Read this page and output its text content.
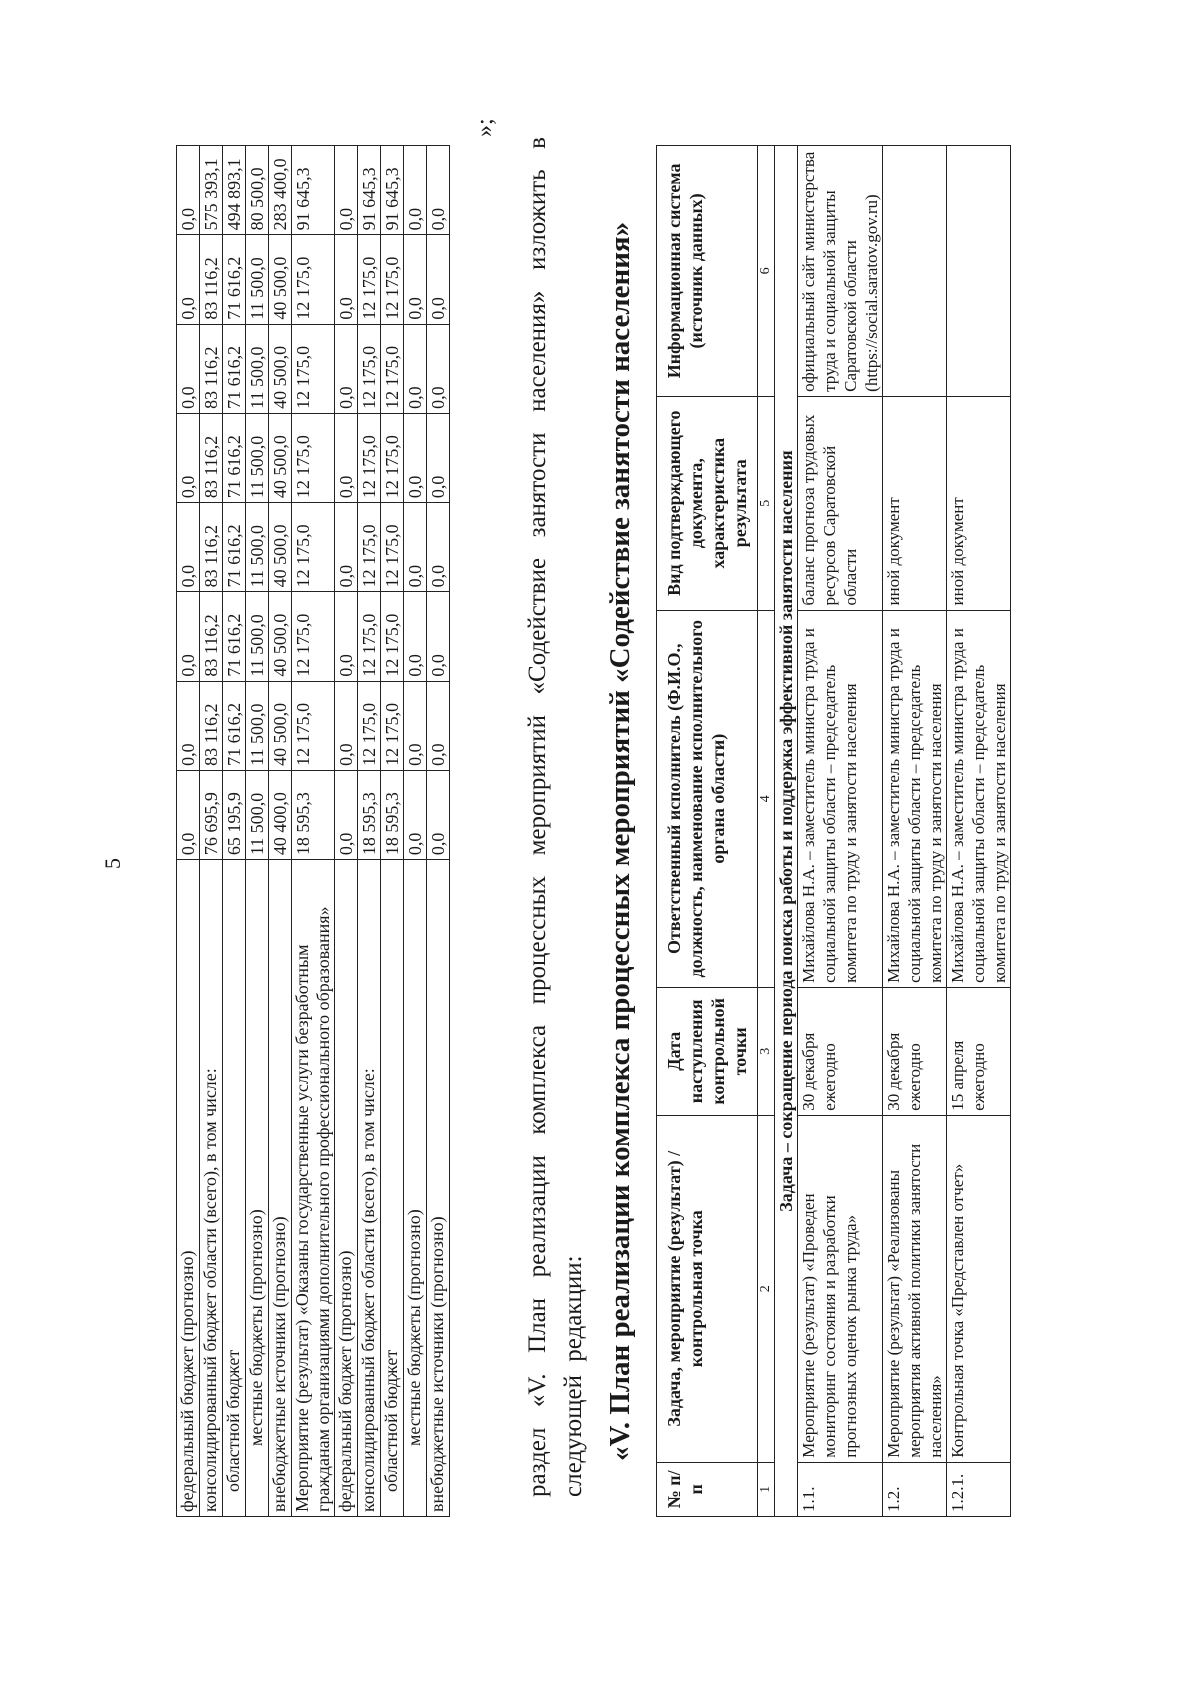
5
федеральный бюджет (прогнозно)	0,0	0,0	0,0	0,0	0,0	0,0	0,0	0,0
консолидированный бюджет области (всего), в том числе:	76 695,9	83 116,2	83 116,2	83 116,2	83 116,2	83 116,2	83 116,2	575 393,1
областной бюджет	65 195,9	71 616,2	71 616,2	71 616,2	71 616,2	71 616,2	71 616,2	494 893,1
местные бюджеты (прогнозно)	11 500,0	11 500,0	11 500,0	11 500,0	11 500,0	11 500,0	11 500,0	80 500,0
внебюджетные источники (прогнозно)	40 400,0	40 500,0	40 500,0	40 500,0	40 500,0	40 500,0	40 500,0	283 400,0
Мероприятие (результат) «Оказаны государственные услуги безработным гражданам организациями дополнительного профессионального образования»	18 595,3	12 175,0	12 175,0	12 175,0	12 175,0	12 175,0	12 175,0	91 645,3
федеральный бюджет (прогнозно)	0,0	0,0	0,0	0,0	0,0	0,0	0,0	0,0
консолидированный бюджет области (всего), в том числе:	18 595,3	12 175,0	12 175,0	12 175,0	12 175,0	12 175,0	12 175,0	91 645,3
областной бюджет	18 595,3	12 175,0	12 175,0	12 175,0	12 175,0	12 175,0	12 175,0	91 645,3
местные бюджеты (прогнозно)	0,0	0,0	0,0	0,0	0,0	0,0	0,0	0,0
внебюджетные источники (прогнозно)	0,0	0,0	0,0	0,0	0,0	0,0	0,0	0,0
»;
раздел «V. План реализации комплекса процессных мероприятий «Содействие занятости населения» изложить в следующей редакции: «V. План реализации комплекса процессных мероприятий «Содействие занятости населения»
№ п/п	Задача, мероприятие (результат) / контрольная точка	Дата наступления контрольной точки	Ответственный исполнитель (Ф.И.О., должность, наименование исполнительного органа области)	Вид подтверждающего документа, характеристика результата	Информационная система (источник данных)
1	2	3	4	5	6
Задача – сокращение периода поиска работы и поддержка эффективной занятости населения					
1.1.	Мероприятие (результат) «Проведен мониторинг состояния и разработки прогнозных оценок рынка труда»	30 декабря ежегодно	Михайлова Н.А. – заместитель министра труда и социальной защиты области – председатель комитета по труду и занятости населения	баланс прогноза трудовых ресурсов Саратовской области	официальный сайт министерства труда и социальной защиты Саратовской области (https://social.saratov.gov.ru)
1.2.	Мероприятие (результат) «Реализованы мероприятия активной политики занятости населения»	30 декабря ежегодно	Михайлова Н.А. – заместитель министра труда и социальной защиты области – председатель комитета по труду и занятости населения	иной документ	
1.2.1.	Контрольная точка «Представлен отчет»	15 апреля ежегодно	Михайлова Н.А. – заместитель министра труда и социальной защиты области – председатель комитета по труду и занятости населения	иной документ	
